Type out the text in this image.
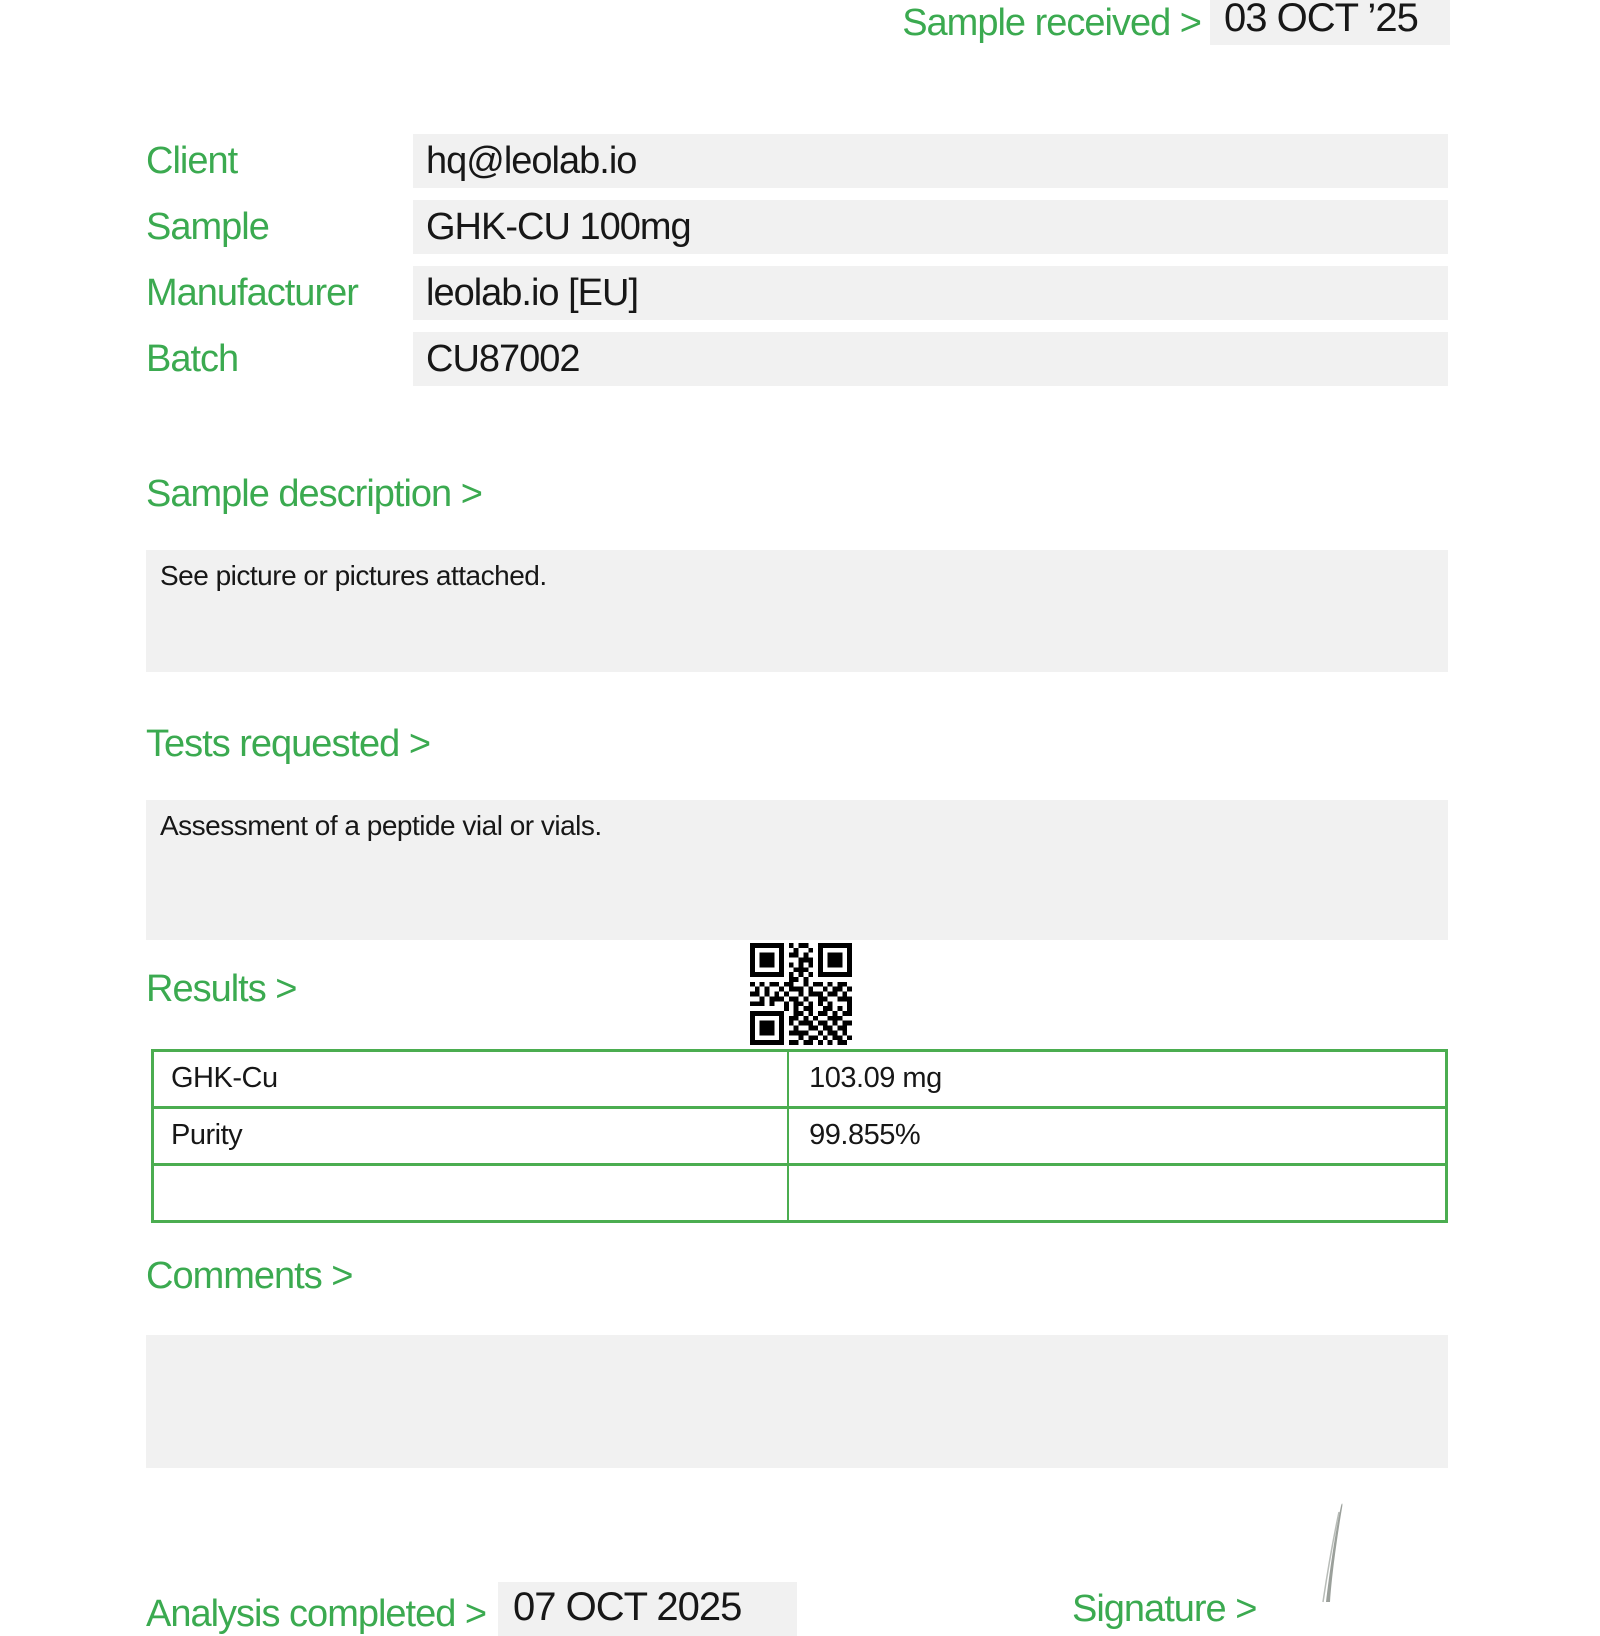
Sample received > 03 OCT ’25
Client	hq@leolab.io
Sample	GHK-CU 100mg
Manufacturer	leolab.io [EU]
Batch	CU87002
Sample description >
See picture or pictures attached.
Tests requested >
Assessment of a peptide vial or vials.
Results >
GHK-Cu	103.09 mg
Purity	99.855%
Comments >
Analysis completed > 07 OCT 2025	Signature >
